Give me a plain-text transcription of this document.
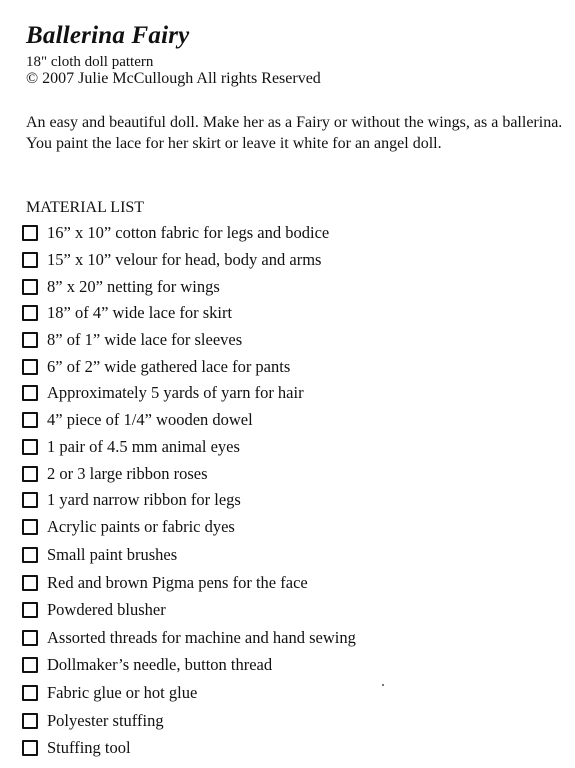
Ballerina Fairy
18" cloth doll pattern
© 2007 Julie McCullough All rights Reserved
An easy and beautiful doll. Make her as a Fairy or without the wings, as a ballerina. You paint the lace for her skirt or leave it white for an angel doll.
MATERIAL LIST
16” x 10” cotton fabric for legs and bodice
15” x 10” velour for head, body and arms
8” x 20” netting for wings
18” of 4” wide lace for skirt
8” of 1” wide lace for sleeves
6” of 2” wide gathered lace for pants
Approximately 5 yards of yarn for hair
4” piece of 1/4” wooden dowel
1 pair of 4.5 mm animal eyes
2 or 3 large ribbon roses
1 yard narrow ribbon for legs
Acrylic paints or fabric dyes
Small paint brushes
Red and brown Pigma pens for the face
Powdered blusher
Assorted threads for machine and hand sewing
Dollmaker’s needle, button thread
Fabric glue or hot glue
Polyester stuffing
Stuffing tool
